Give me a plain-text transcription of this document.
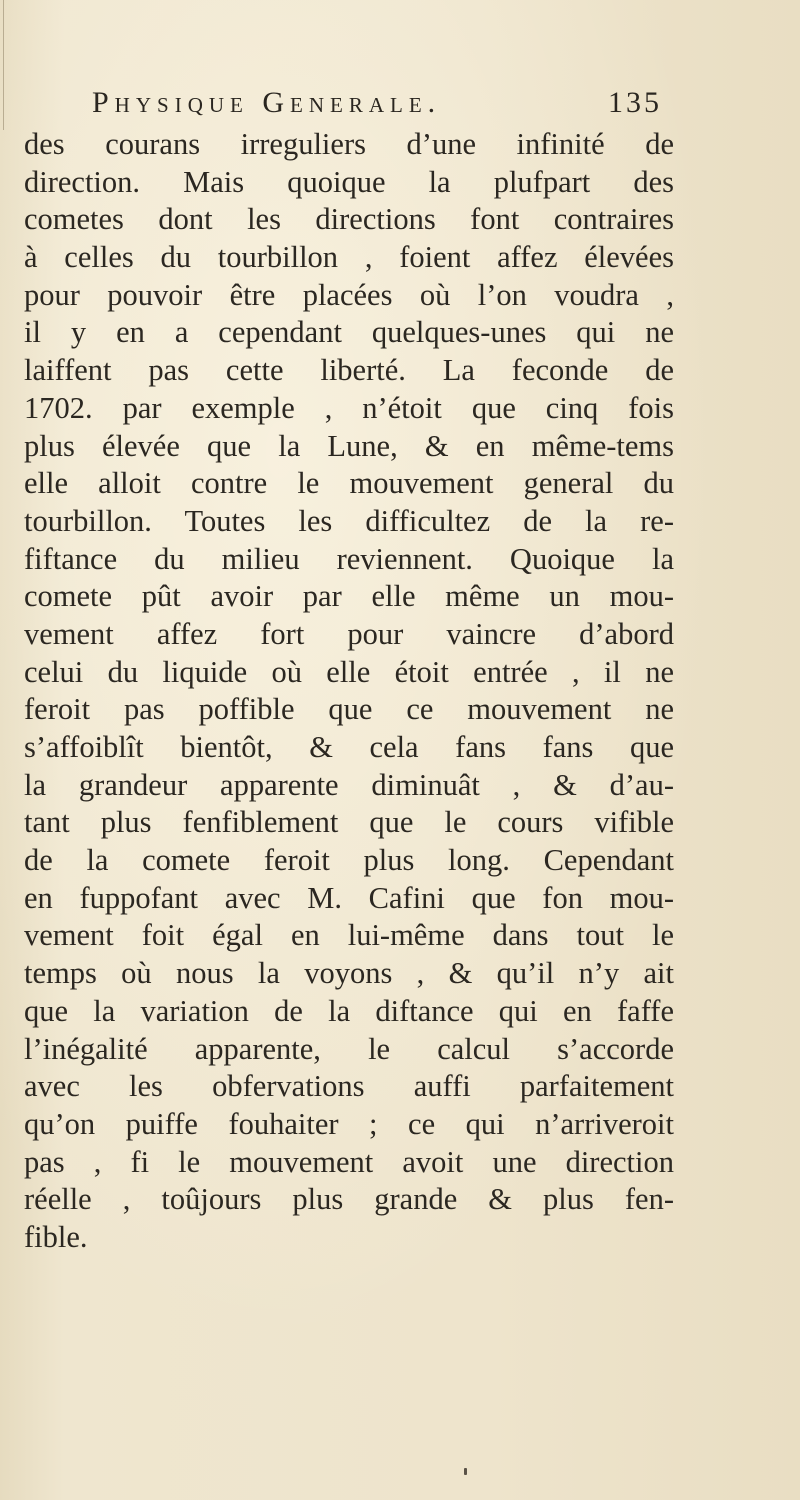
Physique Generale.	135
des courans irreguliers d’une infinité de
direction. Mais quoique la plufpart des
cometes dont les directions font contraires
à celles du tourbillon , foient affez élevées
pour pouvoir être placées où l’on voudra ,
il y en a cependant quelques-unes qui ne
laiffent pas cette liberté. La feconde de
1702. par exemple , n’étoit que cinq fois
plus élevée que la Lune, & en même-tems
elle alloit contre le mouvement general du
tourbillon. Toutes les difficultez de la re-
fiftance du milieu reviennent. Quoique la
comete pût avoir par elle même un mou-
vement affez fort pour vaincre d’abord
celui du liquide où elle étoit entrée , il ne
feroit pas poffible que ce mouvement ne
s’affoiblît bientôt, & cela fans fans que
la grandeur apparente diminuât , & d’au-
tant plus fenfiblement que le cours vifible
de la comete feroit plus long. Cependant
en fuppofant avec M. Cafini que fon mou-
vement foit égal en lui-même dans tout le
temps où nous la voyons , & qu’il n’y ait
que la variation de la diftance qui en faffe
l’inégalité apparente, le calcul s’accorde
avec les obfervations auffi parfaitement
qu’on puiffe fouhaiter ; ce qui n’arriveroit
pas , fi le mouvement avoit une direction
réelle , toûjours plus grande & plus fen-
fible.
